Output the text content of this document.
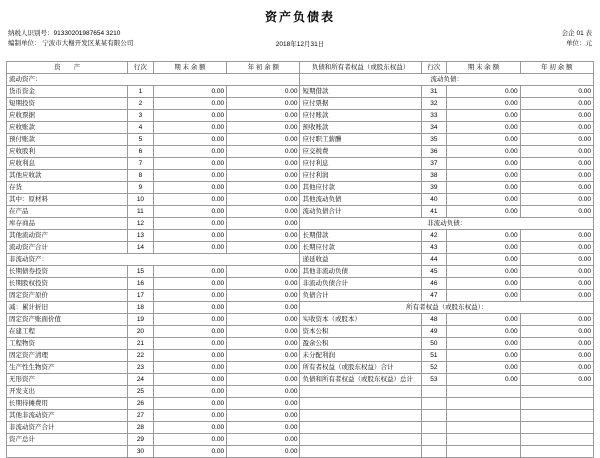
资产负债表
纳税人识别号：91330201987654 3210
编制单位： 宁波市大榭开发区某某有限公司	2018年12月31日
会企 01 表
单位：元
资　　产	行次	期 末 余 额	年 初 余 额	负债和所有者权益（或股东权益）	行次	期 末 余 额	年 初 余 额
流动资产：				流动负债：			
货币资金	1	0.00	0.00	短期借款	31	0.00	0.00
短期投资	2	0.00	0.00	应付票据	32	0.00	0.00
应收票据	3	0.00	0.00	应付账款	33	0.00	0.00
应收账款	4	0.00	0.00	预收账款	34	0.00	0.00
预付账款	5	0.00	0.00	应付职工薪酬	35	0.00	0.00
应收股利	6	0.00	0.00	应交税费	36	0.00	0.00
应收利息	7	0.00	0.00	应付利息	37	0.00	0.00
其他应收款	8	0.00	0.00	应付利润	38	0.00	0.00
存货	9	0.00	0.00	其他应付款	39	0.00	0.00
其中：原材料	10	0.00	0.00	其他流动负债	40	0.00	0.00
在产品	11	0.00	0.00	流动负债合计	41	0.00	0.00
库存商品	12	0.00	0.00	非流动负债：			
其他流动资产	13	0.00	0.00	长期借款	42	0.00	0.00
流动资产合计	14	0.00	0.00	长期应付款	43	0.00	0.00
非流动资产：				递延收益	44	0.00	0.00
长期债券投资	15	0.00	0.00	其他非流动负债	45	0.00	0.00
长期股权投资	16	0.00	0.00	非流动负债合计	46	0.00	0.00
固定资产原价	17	0.00	0.00	负债合计	47	0.00	0.00
减：累计折旧	18	0.00	0.00	所有者权益（或股东权益）：			
固定资产账面价值	19	0.00	0.00	实收资本（或股本）	48	0.00	0.00
在建工程	20	0.00	0.00	资本公积	49	0.00	0.00
工程物资	21	0.00	0.00	盈余公积	50	0.00	0.00
固定资产清理	22	0.00	0.00	未分配利润	51	0.00	0.00
生产性生物资产	23	0.00	0.00	所有者权益（或股东权益）合计	52	0.00	0.00
无形资产	24	0.00	0.00	负债和所有者权益（或股东权益）总计	53	0.00	0.00
开发支出	25	0.00	0.00				
长期待摊费用	26	0.00	0.00				
其他非流动资产	27	0.00	0.00				
非流动资产合计	28	0.00	0.00				
资产总计	29	0.00	0.00				
	30	0.00	0.00				
